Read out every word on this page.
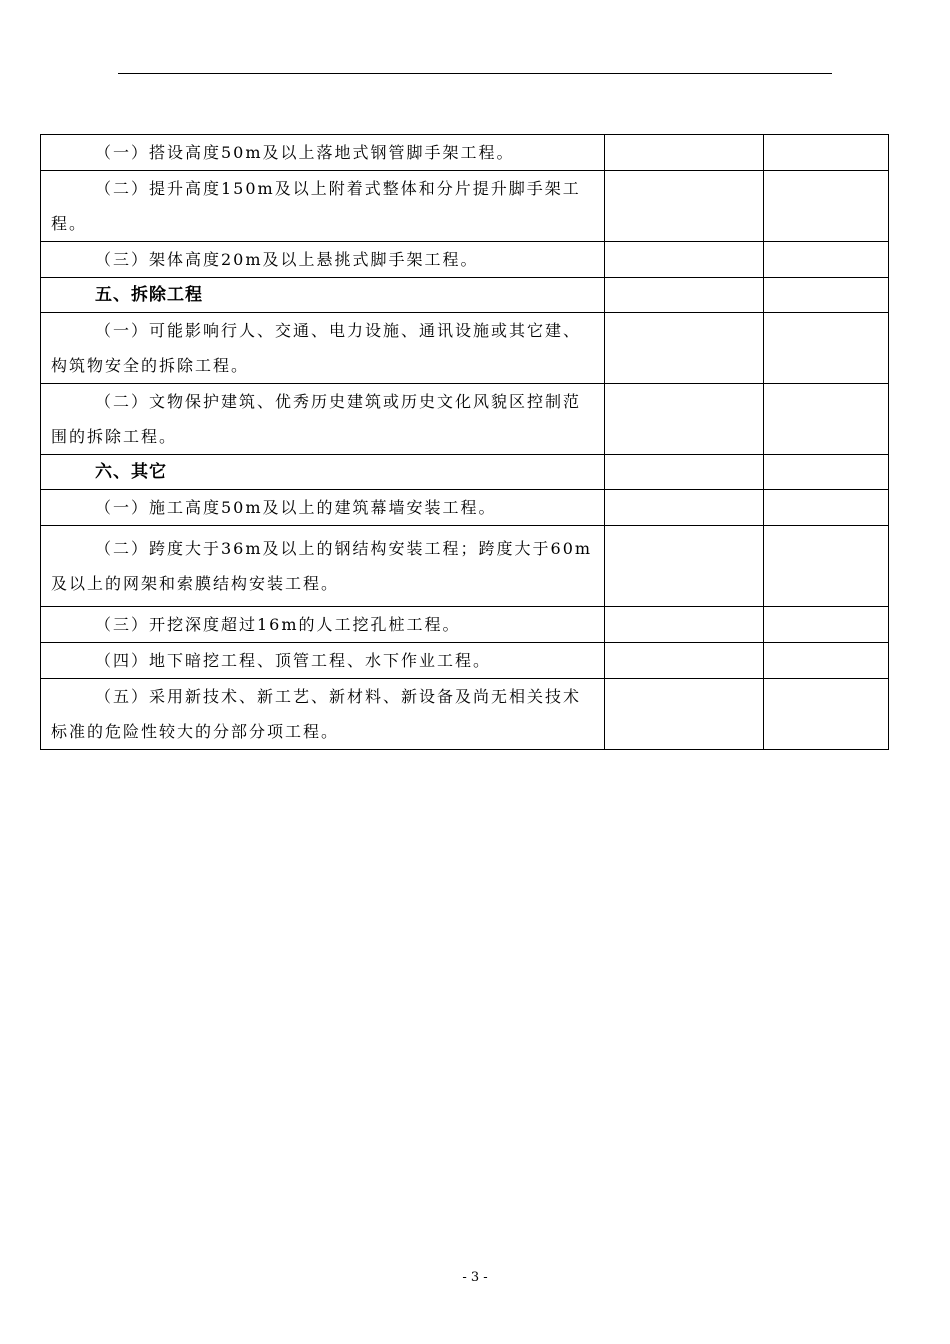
（一）搭设高度50m及以上落地式钢管脚手架工程。		

（二）提升高度150m及以上附着式整体和分片提升脚手架工程。		

（三）架体高度20m及以上悬挑式脚手架工程。		

五、拆除工程		

（一）可能影响行人、交通、电力设施、通讯设施或其它建、构筑物安全的拆除工程。		

（二）文物保护建筑、优秀历史建筑或历史文化风貌区控制范围的拆除工程。		

六、其它		

（一）施工高度50m及以上的建筑幕墙安装工程。		

（二）跨度大于36m及以上的钢结构安装工程；跨度大于60m及以上的网架和索膜结构安装工程。		

（三）开挖深度超过16m的人工挖孔桩工程。		

（四）地下暗挖工程、顶管工程、水下作业工程。		

（五）采用新技术、新工艺、新材料、新设备及尚无相关技术标准的危险性较大的分部分项工程。		

- 3 -
